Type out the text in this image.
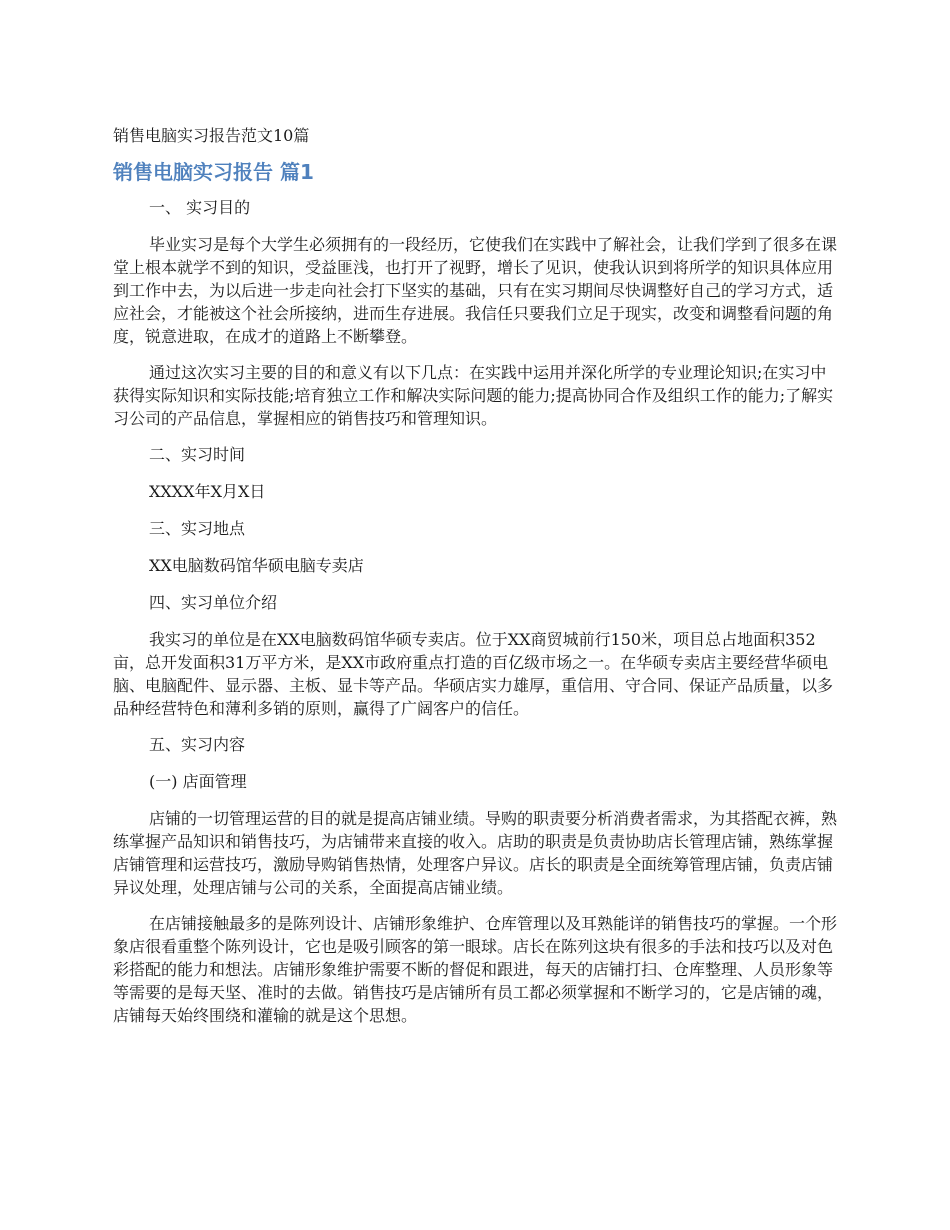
销售电脑实习报告范文10篇
销售电脑实习报告 篇1

一、 实习目的

毕业实习是每个大学生必须拥有的一段经历，它使我们在实践中了解社会，让我们学到了很多在课堂上根本就学不到的知识，受益匪浅，也打开了视野，增长了见识，使我认识到将所学的知识具体应用到工作中去，为以后进一步走向社会打下坚实的基础，只有在实习期间尽快调整好自己的学习方式，适应社会，才能被这个社会所接纳，进而生存进展。我信任只要我们立足于现实，改变和调整看问题的角度，锐意进取，在成才的道路上不断攀登。

通过这次实习主要的目的和意义有以下几点：在实践中运用并深化所学的专业理论知识;在实习中获得实际知识和实际技能;培育独立工作和解决实际问题的能力;提高协同合作及组织工作的能力;了解实习公司的产品信息，掌握相应的销售技巧和管理知识。

二、实习时间

XXXX年X月X日

三、实习地点

XX电脑数码馆华硕电脑专卖店

四、实习单位介绍

我实习的单位是在XX电脑数码馆华硕专卖店。位于XX商贸城前行150米，项目总占地面积352亩，总开发面积31万平方米，是XX市政府重点打造的百亿级市场之一。在华硕专卖店主要经营华硕电脑、电脑配件、显示器、主板、显卡等产品。华硕店实力雄厚，重信用、守合同、保证产品质量，以多品种经营特色和薄利多销的原则，赢得了广阔客户的信任。

五、实习内容

(一) 店面管理

店铺的一切管理运营的目的就是提高店铺业绩。导购的职责要分析消费者需求，为其搭配衣裤，熟练掌握产品知识和销售技巧，为店铺带来直接的收入。店助的职责是负责协助店长管理店铺，熟练掌握店铺管理和运营技巧，激励导购销售热情，处理客户异议。店长的职责是全面统筹管理店铺，负责店铺异议处理，处理店铺与公司的关系，全面提高店铺业绩。

在店铺接触最多的是陈列设计、店铺形象维护、仓库管理以及耳熟能详的销售技巧的掌握。一个形象店很看重整个陈列设计，它也是吸引顾客的第一眼球。店长在陈列这块有很多的手法和技巧以及对色彩搭配的能力和想法。店铺形象维护需要不断的督促和跟进，每天的店铺打扫、仓库整理、人员形象等等需要的是每天坚、准时的去做。销售技巧是店铺所有员工都必须掌握和不断学习的，它是店铺的魂，店铺每天始终围绕和灌输的就是这个思想。
